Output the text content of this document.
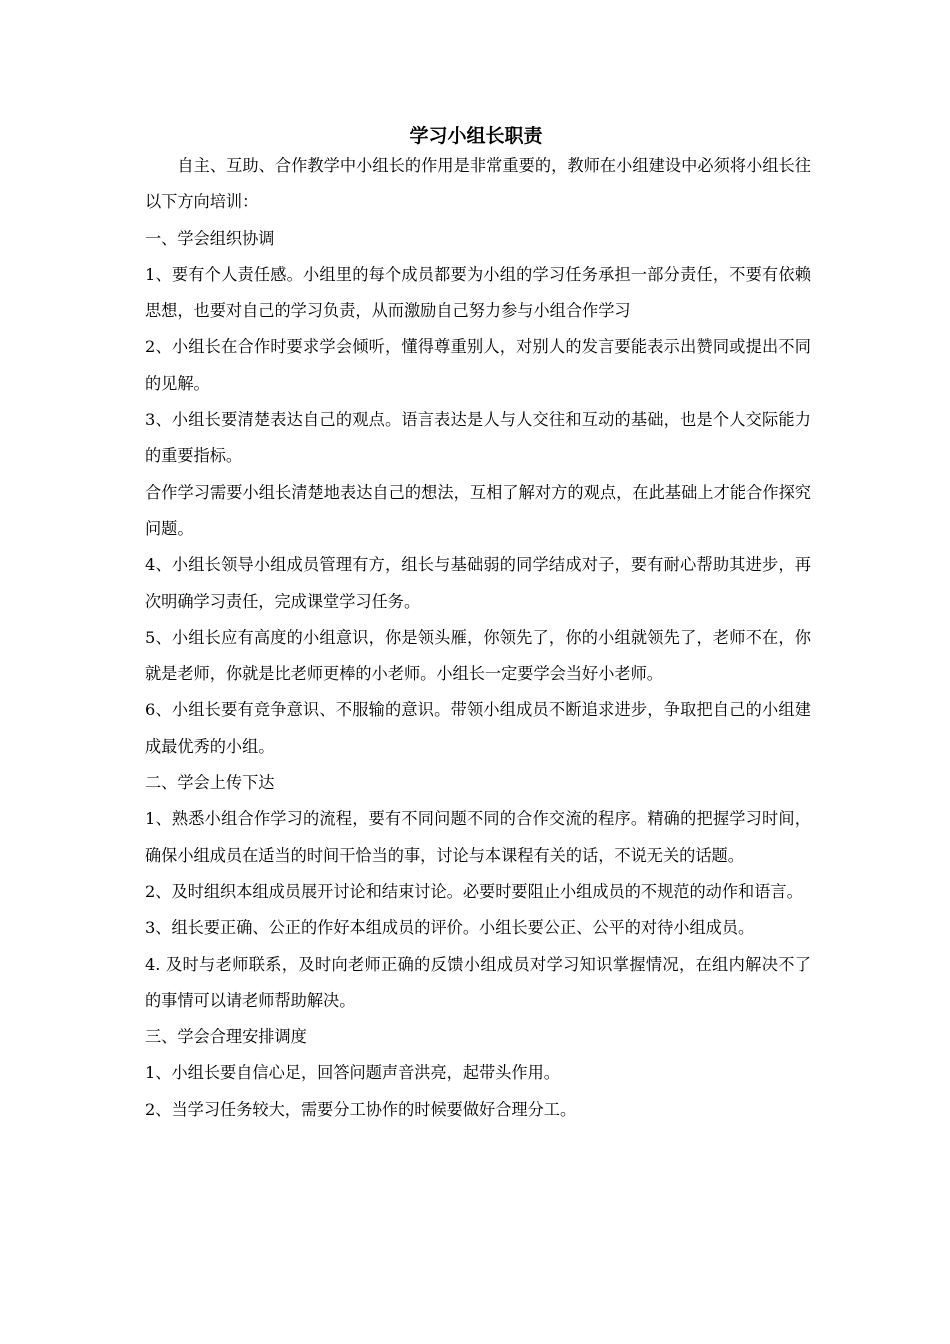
学习小组长职责

自主、互助、合作教学中小组长的作用是非常重要的，教师在小组建设中必须将小组长往以下方向培训：

一、学会组织协调

1、要有个人责任感。小组里的每个成员都要为小组的学习任务承担一部分责任，不要有依赖思想，也要对自己的学习负责，从而激励自己努力参与小组合作学习

2、小组长在合作时要求学会倾听，懂得尊重别人，对别人的发言要能表示出赞同或提出不同的见解。

3、小组长要清楚表达自己的观点。语言表达是人与人交往和互动的基础，也是个人交际能力的重要指标。

合作学习需要小组长清楚地表达自己的想法，互相了解对方的观点，在此基础上才能合作探究问题。

4、小组长领导小组成员管理有方，组长与基础弱的同学结成对子，要有耐心帮助其进步，再次明确学习责任，完成课堂学习任务。

5、小组长应有高度的小组意识，你是领头雁，你领先了，你的小组就领先了，老师不在，你就是老师，你就是比老师更棒的小老师。小组长一定要学会当好小老师。

6、小组长要有竞争意识、不服输的意识。带领小组成员不断追求进步，争取把自己的小组建成最优秀的小组。

二、学会上传下达

1、熟悉小组合作学习的流程，要有不同问题不同的合作交流的程序。精确的把握学习时间，确保小组成员在适当的时间干恰当的事，讨论与本课程有关的话，不说无关的话题。

2、及时组织本组成员展开讨论和结束讨论。必要时要阻止小组成员的不规范的动作和语言。

3、组长要正确、公正的作好本组成员的评价。小组长要公正、公平的对待小组成员。

4. 及时与老师联系，及时向老师正确的反馈小组成员对学习知识掌握情况，在组内解决不了的事情可以请老师帮助解决。

三、学会合理安排调度

1、小组长要自信心足，回答问题声音洪亮，起带头作用。

2、当学习任务较大，需要分工协作的时候要做好合理分工。
